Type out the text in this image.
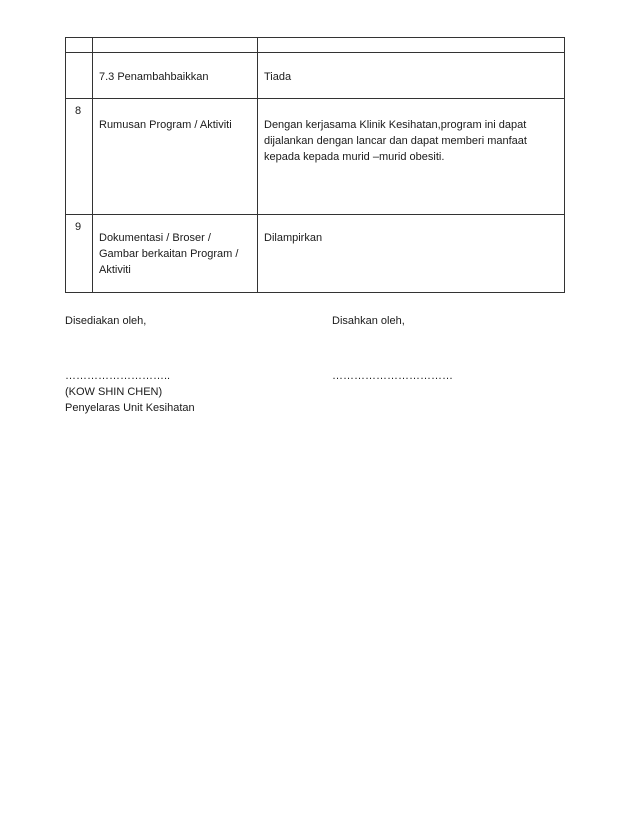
	7.3 Penambahbaikkan	Tiada

8	Rumusan Program / Aktiviti	Dengan kerjasama Klinik Kesihatan,program ini dapat dijalankan dengan lancar dan dapat memberi manfaat kepada kepada murid –murid obesiti.

9	Dokumentasi / Broser / Gambar berkaitan Program / Aktiviti	Dilampirkan
Disediakan oleh,	Disahkan oleh,
………………………..	……………………………
(KOW SHIN CHEN)
Penyelaras Unit Kesihatan
